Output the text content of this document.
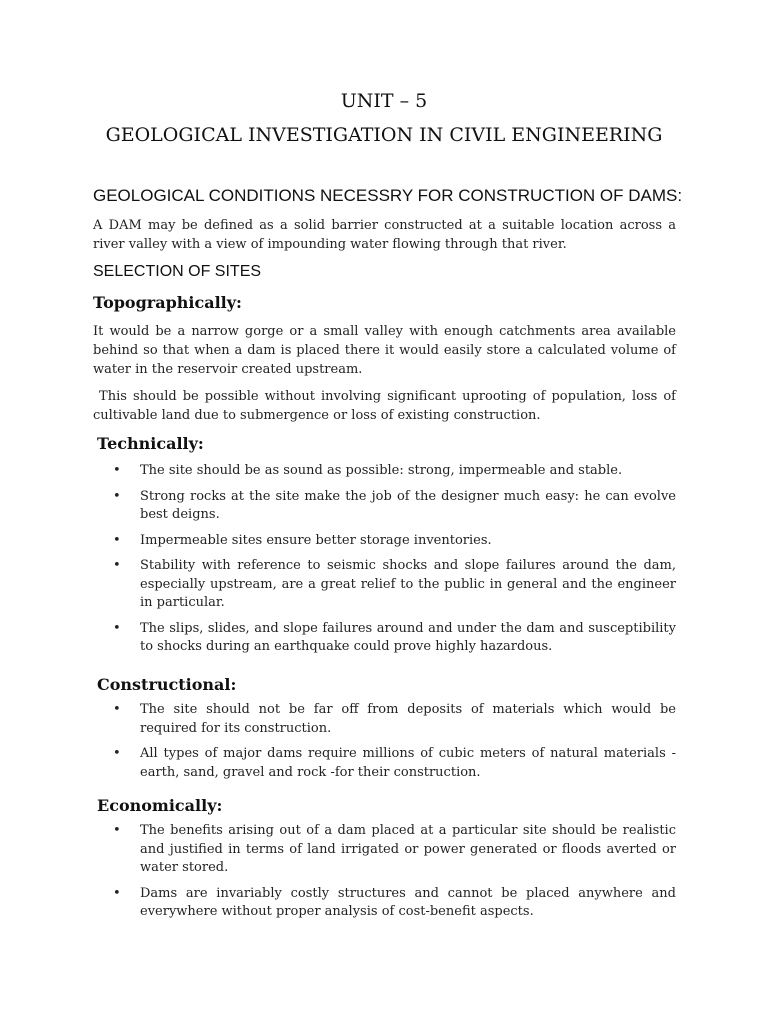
UNIT – 5
GEOLOGICAL INVESTIGATION IN CIVIL ENGINEERING
GEOLOGICAL CONDITIONS NECESSRY FOR CONSTRUCTION OF DAMS:
A DAM may be defined as a solid barrier constructed at a suitable location across a river valley with a view of impounding water flowing through that river.
SELECTION OF SITES
Topographically:
It would be a narrow gorge or a small valley with enough catchments area available behind so that when a dam is placed there it would easily store a calculated volume of water in the reservoir created upstream.
This should be possible without involving significant uprooting of population, loss of cultivable land due to submergence or loss of existing construction.
Technically:
• The site should be as sound as possible: strong, impermeable and stable.
• Strong rocks at the site make the job of the designer much easy: he can evolve best deigns.
• Impermeable sites ensure better storage inventories.
• Stability with reference to seismic shocks and slope failures around the dam, especially upstream, are a great relief to the public in general and the engineer in particular.
• The slips, slides, and slope failures around and under the dam and susceptibility to shocks during an earthquake could prove highly hazardous.
Constructional:
• The site should not be far off from deposits of materials which would be required for its construction.
• All types of major dams require millions of cubic meters of natural materials - earth, sand, gravel and rock -for their construction.
Economically:
• The benefits arising out of a dam placed at a particular site should be realistic and justified in terms of land irrigated or power generated or floods averted or water stored.
• Dams are invariably costly structures and cannot be placed anywhere and everywhere without proper analysis of cost-benefit aspects.
